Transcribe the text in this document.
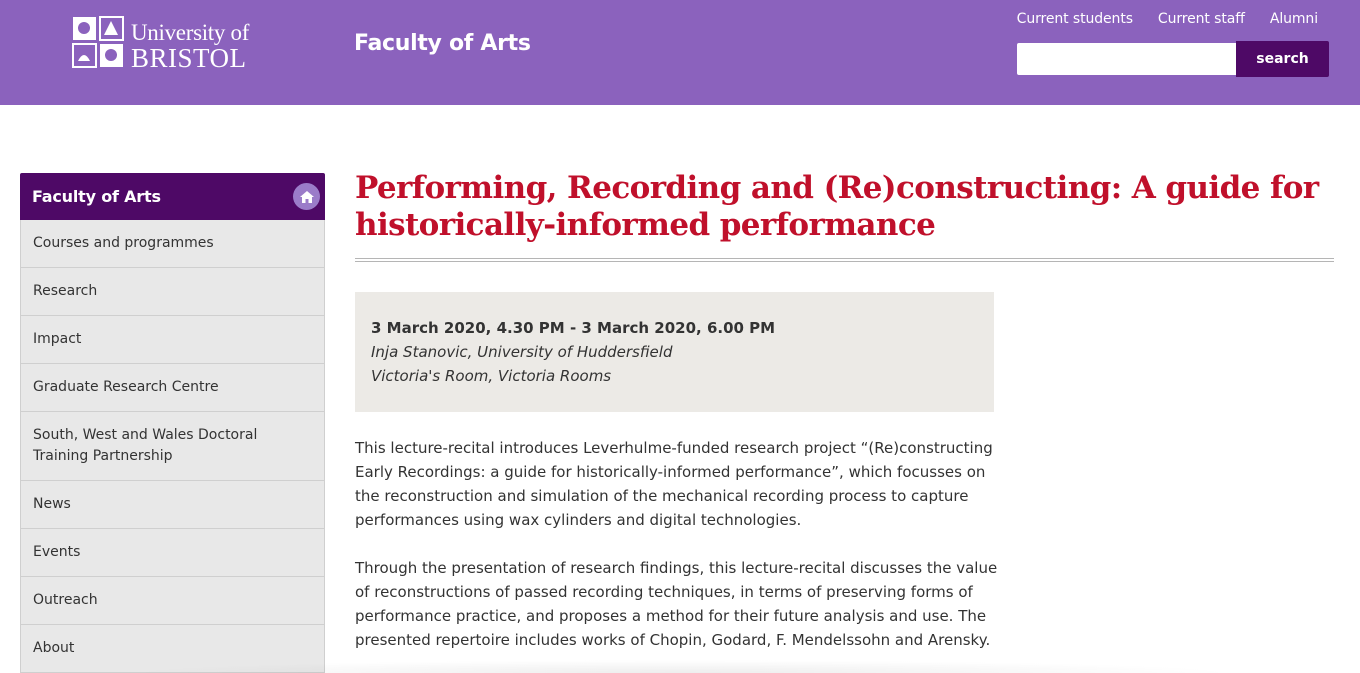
University of
BRISTOL	Faculty of Arts
Current students Current staff Alumni
search
Faculty of Arts
Courses and programmes
Research
Impact
Graduate Research Centre
South, West and Wales Doctoral Training Partnership
News
Events
Outreach
About
Performing, Recording and (Re)constructing: A guide for historically-informed performance
3 March 2020, 4.30 PM - 3 March 2020, 6.00 PM
Inja Stanovic, University of Huddersfield
Victoria's Room, Victoria Rooms

This lecture-recital introduces Leverhulme-funded research project “(Re)constructing Early Recordings: a guide for historically-informed performance”, which focusses on the reconstruction and simulation of the mechanical recording process to capture performances using wax cylinders and digital technologies.

Through the presentation of research findings, this lecture-recital discusses the value of reconstructions of passed recording techniques, in terms of preserving forms of performance practice, and proposes a method for their future analysis and use. The presented repertoire includes works of Chopin, Godard, F. Mendelssohn and Arensky.
